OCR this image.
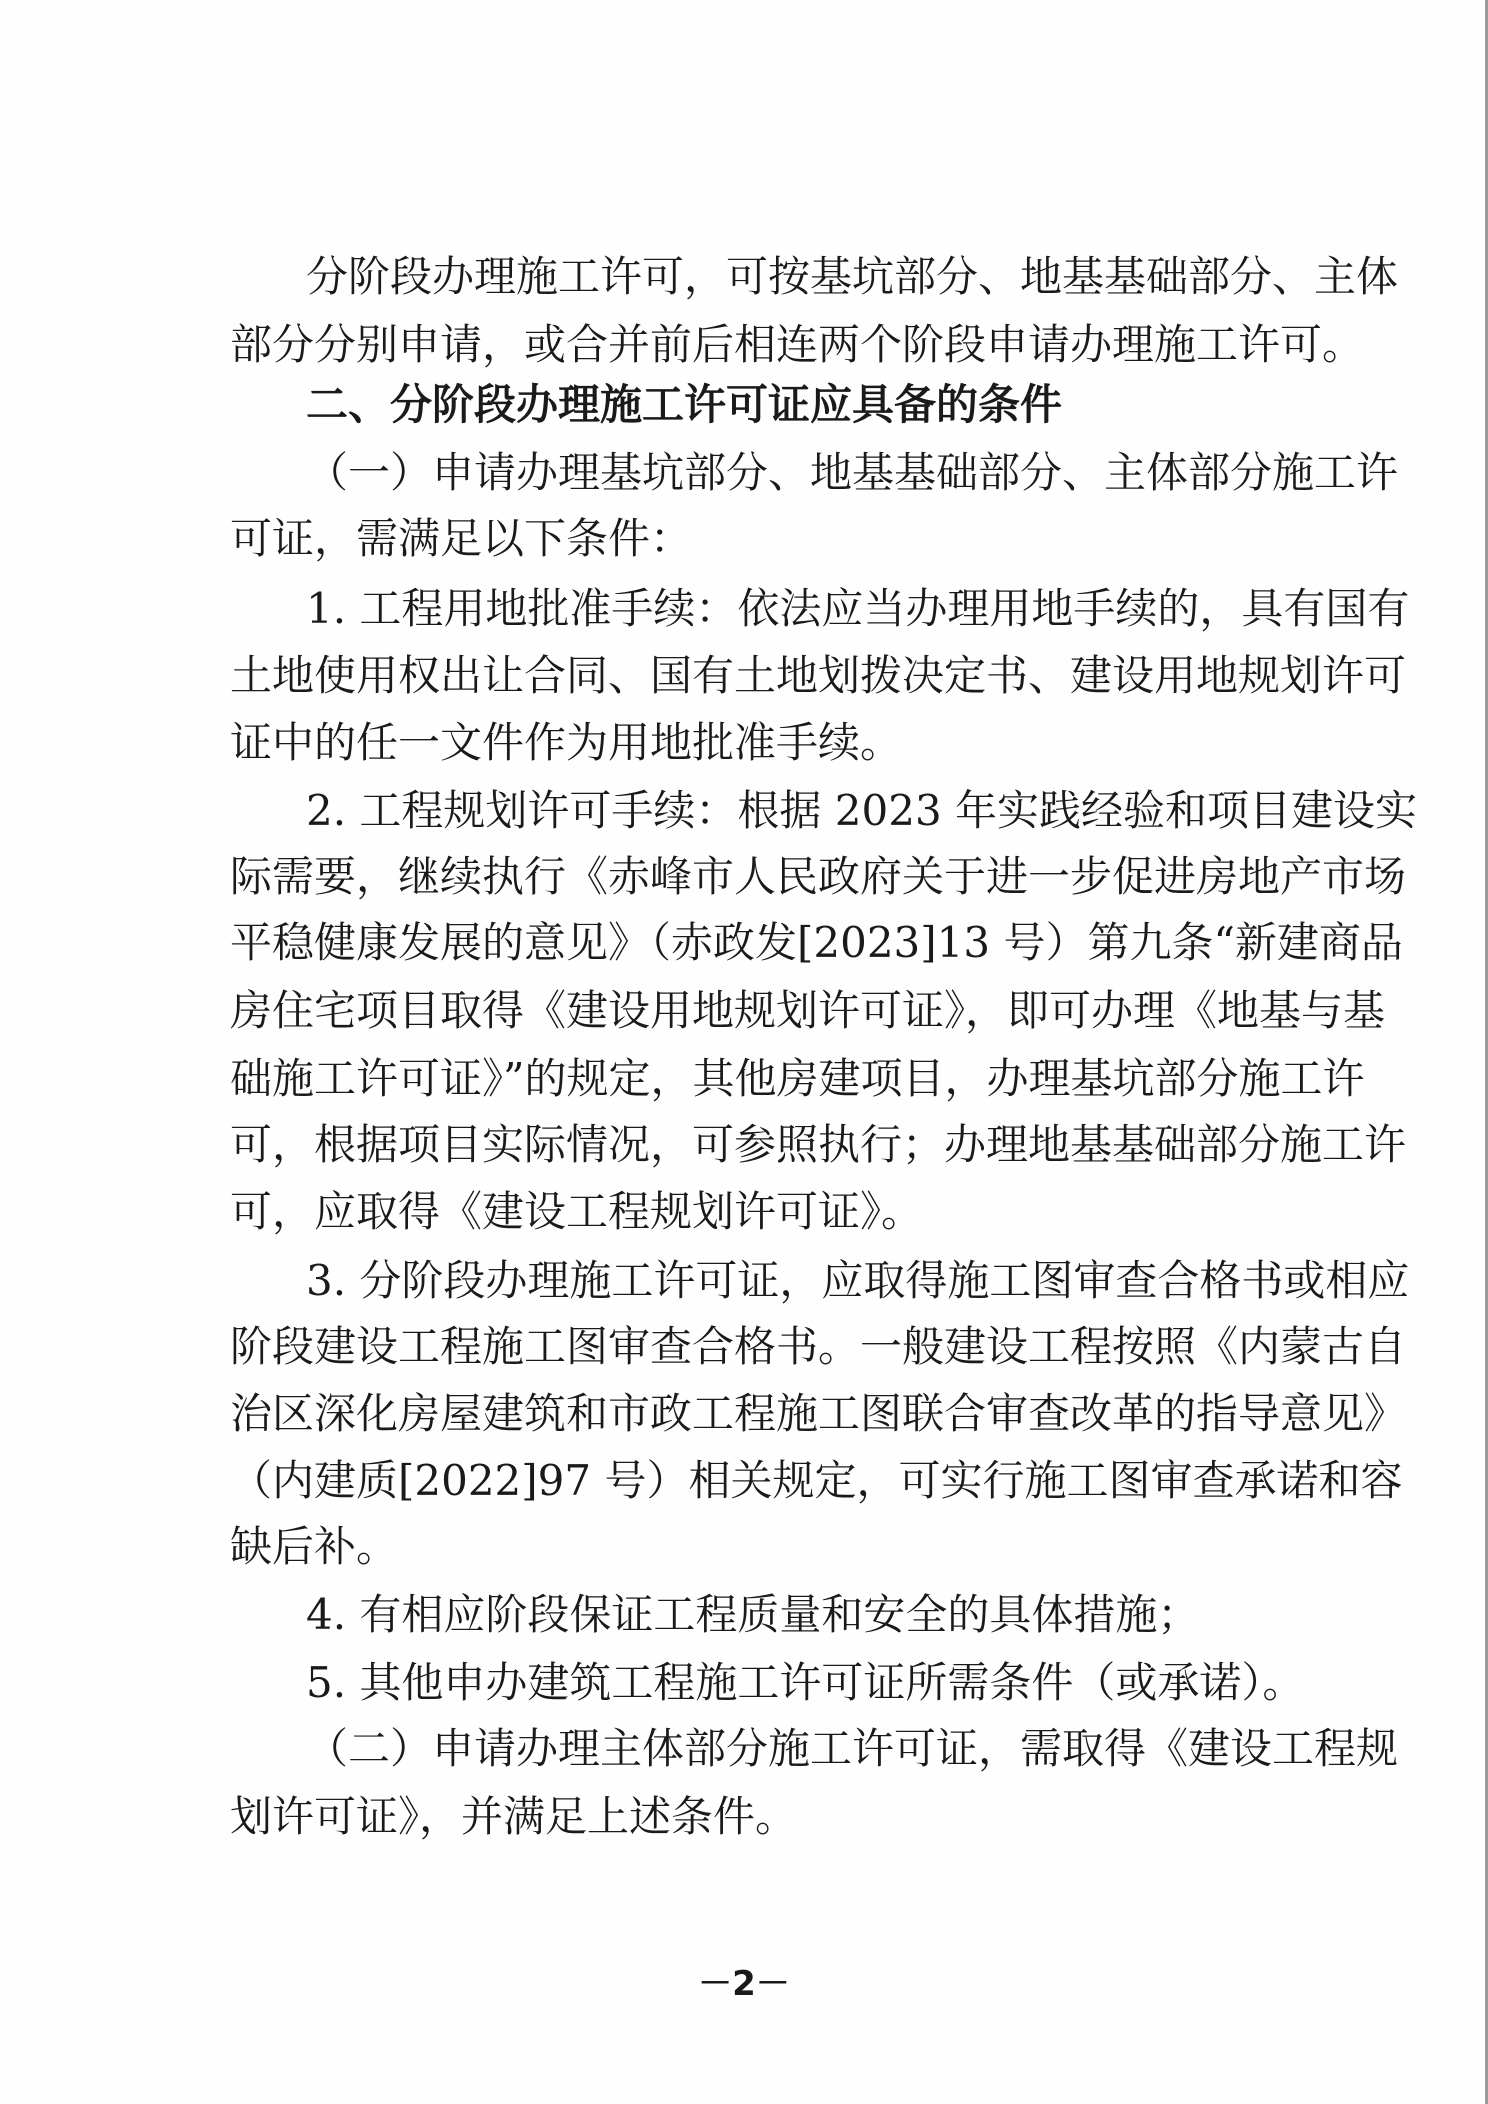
分阶段办理施工许可，可按基坑部分、地基基础部分、主体
部分分别申请，或合并前后相连两个阶段申请办理施工许可。
二、分阶段办理施工许可证应具备的条件
（一）申请办理基坑部分、地基基础部分、主体部分施工许
可证，需满足以下条件：
1. 工程用地批准手续：依法应当办理用地手续的，具有国有
土地使用权出让合同、国有土地划拨决定书、建设用地规划许可
证中的任一文件作为用地批准手续。
2. 工程规划许可手续：根据 2023 年实践经验和项目建设实
际需要，继续执行《赤峰市人民政府关于进一步促进房地产市场
平稳健康发展的意见》（赤政发[2023]13 号）第九条“新建商品
房住宅项目取得《建设用地规划许可证》，即可办理《地基与基
础施工许可证》”的规定，其他房建项目，办理基坑部分施工许
可，根据项目实际情况，可参照执行；办理地基基础部分施工许
可，应取得《建设工程规划许可证》。
3. 分阶段办理施工许可证，应取得施工图审查合格书或相应
阶段建设工程施工图审查合格书。一般建设工程按照《内蒙古自
治区深化房屋建筑和市政工程施工图联合审查改革的指导意见》
（内建质[2022]97 号）相关规定，可实行施工图审查承诺和容
缺后补。
4. 有相应阶段保证工程质量和安全的具体措施；
5. 其他申办建筑工程施工许可证所需条件（或承诺）。
（二）申请办理主体部分施工许可证，需取得《建设工程规
划许可证》，并满足上述条件。
－2－
